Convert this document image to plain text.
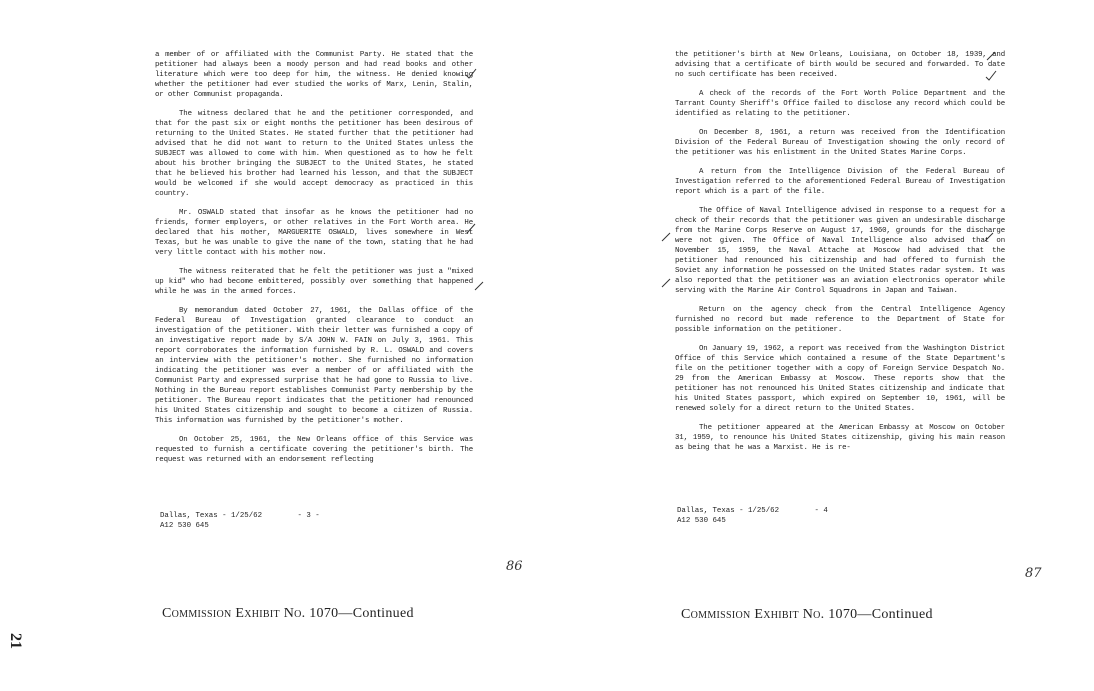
a member of or affiliated with the Communist Party. He stated that the petitioner had always been a moody person and had read books and other literature which were too deep for him, the witness. He denied knowing whether the petitioner had ever studied the works of Marx, Lenin, Stalin, or other Communist propaganda.

The witness declared that he and the petitioner corresponded, and that for the past six or eight months the petitioner has been desirous of returning to the United States. He stated further that the petitioner had advised that he did not want to return to the United States unless the SUBJECT was allowed to come with him. When questioned as to how he felt about his brother bringing the SUBJECT to the United States, he stated that he believed his brother had learned his lesson, and that the SUBJECT would be welcomed if she would accept democracy as practiced in this country.

Mr. OSWALD stated that insofar as he knows the petitioner had no friends, former employers, or other relatives in the Fort Worth area. He declared that his mother, MARGUERITE OSWALD, lives somewhere in West Texas, but he was unable to give the name of the town, stating that he had very little contact with his mother now.

The witness reiterated that he felt the petitioner was just a "mixed up kid" who had become embittered, possibly over something that happened while he was in the armed forces.

By memorandum dated October 27, 1961, the Dallas office of the Federal Bureau of Investigation granted clearance to conduct an investigation of the petitioner. With their letter was furnished a copy of an investigative report made by S/A JOHN W. FAIN on July 3, 1961. This report corroborates the information furnished by R. L. OSWALD and covers an interview with the petitioner's mother. She furnished no information indicating the petitioner was ever a member of or affiliated with the Communist Party and expressed surprise that he had gone to Russia to live. Nothing in the Bureau report establishes Communist Party membership by the petitioner. The Bureau report indicates that the petitioner had renounced his United States citizenship and sought to become a citizen of Russia. This information was furnished by the petitioner's mother.

On October 25, 1961, the New Orleans office of this Service was requested to furnish a certificate covering the petitioner's birth. The request was returned with an endorsement reflecting

Dallas, Texas - 1/25/62        - 3 -
A12 530 645

the petitioner's birth at New Orleans, Louisiana, on October 18, 1939, and advising that a certificate of birth would be secured and forwarded. To date no such certificate has been received.

A check of the records of the Fort Worth Police Department and the Tarrant County Sheriff's Office failed to disclose any record which could be identified as relating to the petitioner.

On December 8, 1961, a return was received from the Identification Division of the Federal Bureau of Investigation showing the only record of the petitioner was his enlistment in the United States Marine Corps.

A return from the Intelligence Division of the Federal Bureau of Investigation referred to the aforementioned Federal Bureau of Investigation report which is a part of the file.

The Office of Naval Intelligence advised in response to a request for a check of their records that the petitioner was given an undesirable discharge from the Marine Corps Reserve on August 17, 1960, grounds for the discharge were not given. The Office of Naval Intelligence also advised that on November 15, 1959, the Naval Attache at Moscow had advised that the petitioner had renounced his citizenship and had offered to furnish the Soviet any information he possessed on the United States radar system. It was also reported that the petitioner was an aviation electronics operator while serving with the Marine Air Control Squadrons in Japan and Taiwan.

Return on the agency check from the Central Intelligence Agency furnished no record but made reference to the Department of State for possible information on the petitioner.

On January 19, 1962, a report was received from the Washington District Office of this Service which contained a resume of the State Department's file on the petitioner together with a copy of Foreign Service Despatch No. 29 from the American Embassy at Moscow. These reports show that the petitioner has not renounced his United States citizenship and indicate that his United States passport, which expired on September 10, 1961, will be renewed solely for a direct return to the United States.

The petitioner appeared at the American Embassy at Moscow on October 31, 1959, to renounce his United States citizenship, giving his main reason as being that he was a Marxist. He is re-

Dallas, Texas - 1/25/62        - 4
A12 530 645
86	87
Commission Exhibit No. 1070—Continued	Commission Exhibit No. 1070—Continued
21
